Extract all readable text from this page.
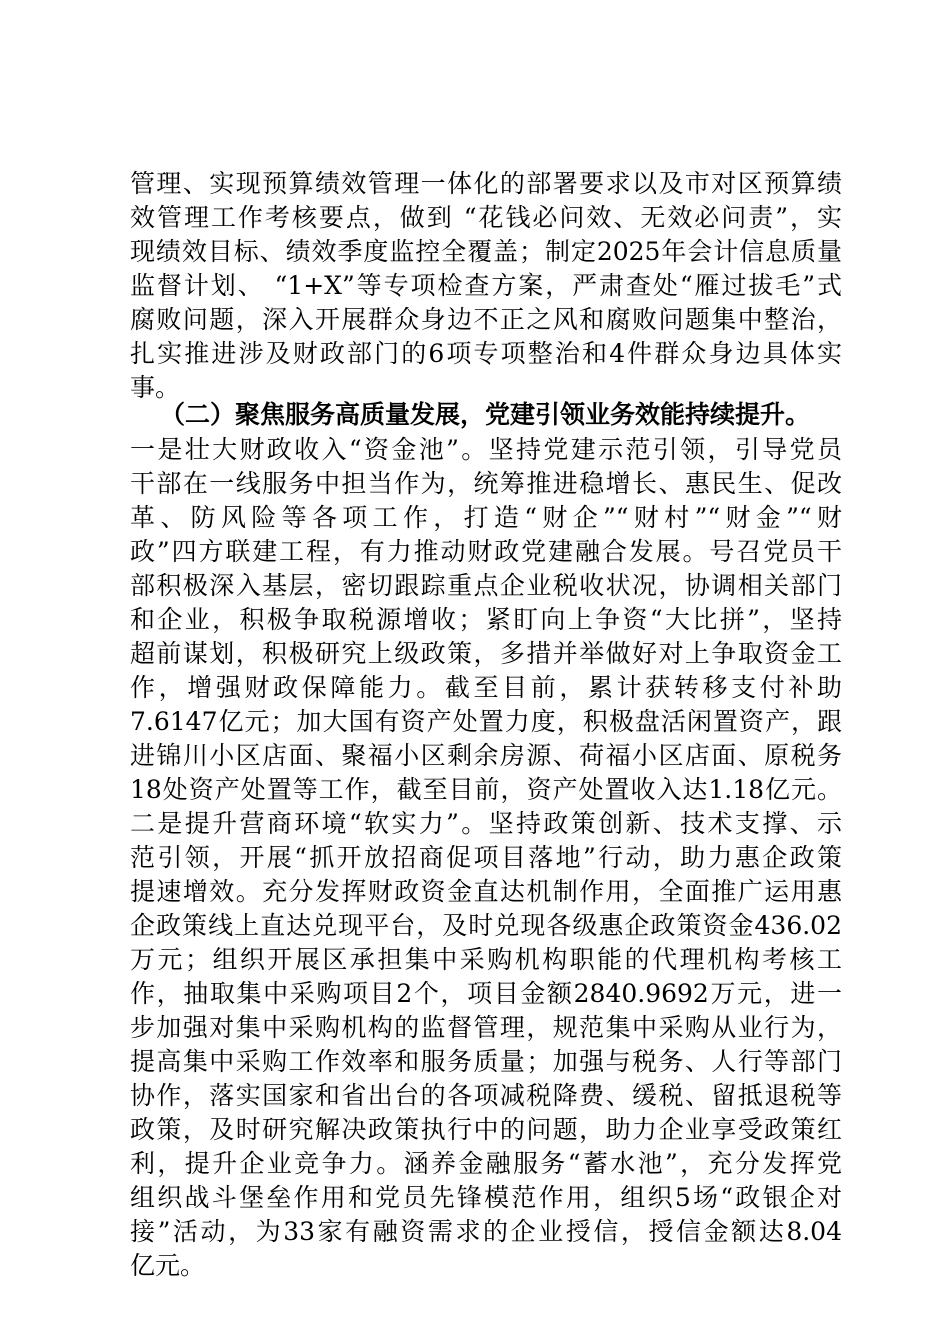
管理、实现预算绩效管理一体化的部署要求以及市对区预算绩
效管理工作考核要点，做到 “花钱必问效、无效必问责”，实
现绩效目标、绩效季度监控全覆盖；制定2025年会计信息质量
监督计划、 “1+X”等专项检查方案，严肃查处“雁过拔毛”式
腐败问题，深入开展群众身边不正之风和腐败问题集中整治，
扎实推进涉及财政部门的6项专项整治和4件群众身边具体实
事。
（二）聚焦服务高质量发展，党建引领业务效能持续提升。
一是壮大财政收入“资金池”。坚持党建示范引领，引导党员
干部在一线服务中担当作为，统筹推进稳增长、惠民生、促改
革、防风险等各项工作，打造“财企”“财村”“财金”“财
政”四方联建工程，有力推动财政党建融合发展。号召党员干
部积极深入基层，密切跟踪重点企业税收状况，协调相关部门
和企业，积极争取税源增收；紧盯向上争资“大比拼”，坚持
超前谋划，积极研究上级政策，多措并举做好对上争取资金工
作，增强财政保障能力。截至目前，累计获转移支付补助
7.6147亿元；加大国有资产处置力度，积极盘活闲置资产，跟
进锦川小区店面、聚福小区剩余房源、荷福小区店面、原税务
18处资产处置等工作，截至目前，资产处置收入达1.18亿元。
二是提升营商环境“软实力”。坚持政策创新、技术支撑、示
范引领，开展“抓开放招商促项目落地”行动，助力惠企政策
提速增效。充分发挥财政资金直达机制作用，全面推广运用惠
企政策线上直达兑现平台，及时兑现各级惠企政策资金436.02
万元；组织开展区承担集中采购机构职能的代理机构考核工
作，抽取集中采购项目2个，项目金额2840.9692万元，进一
步加强对集中采购机构的监督管理，规范集中采购从业行为，
提高集中采购工作效率和服务质量；加强与税务、人行等部门
协作，落实国家和省出台的各项减税降费、缓税、留抵退税等
政策，及时研究解决政策执行中的问题，助力企业享受政策红
利，提升企业竞争力。涵养金融服务“蓄水池”，充分发挥党
组织战斗堡垒作用和党员先锋模范作用，组织5场“政银企对
接”活动，为33家有融资需求的企业授信，授信金额达8.04
亿元。
